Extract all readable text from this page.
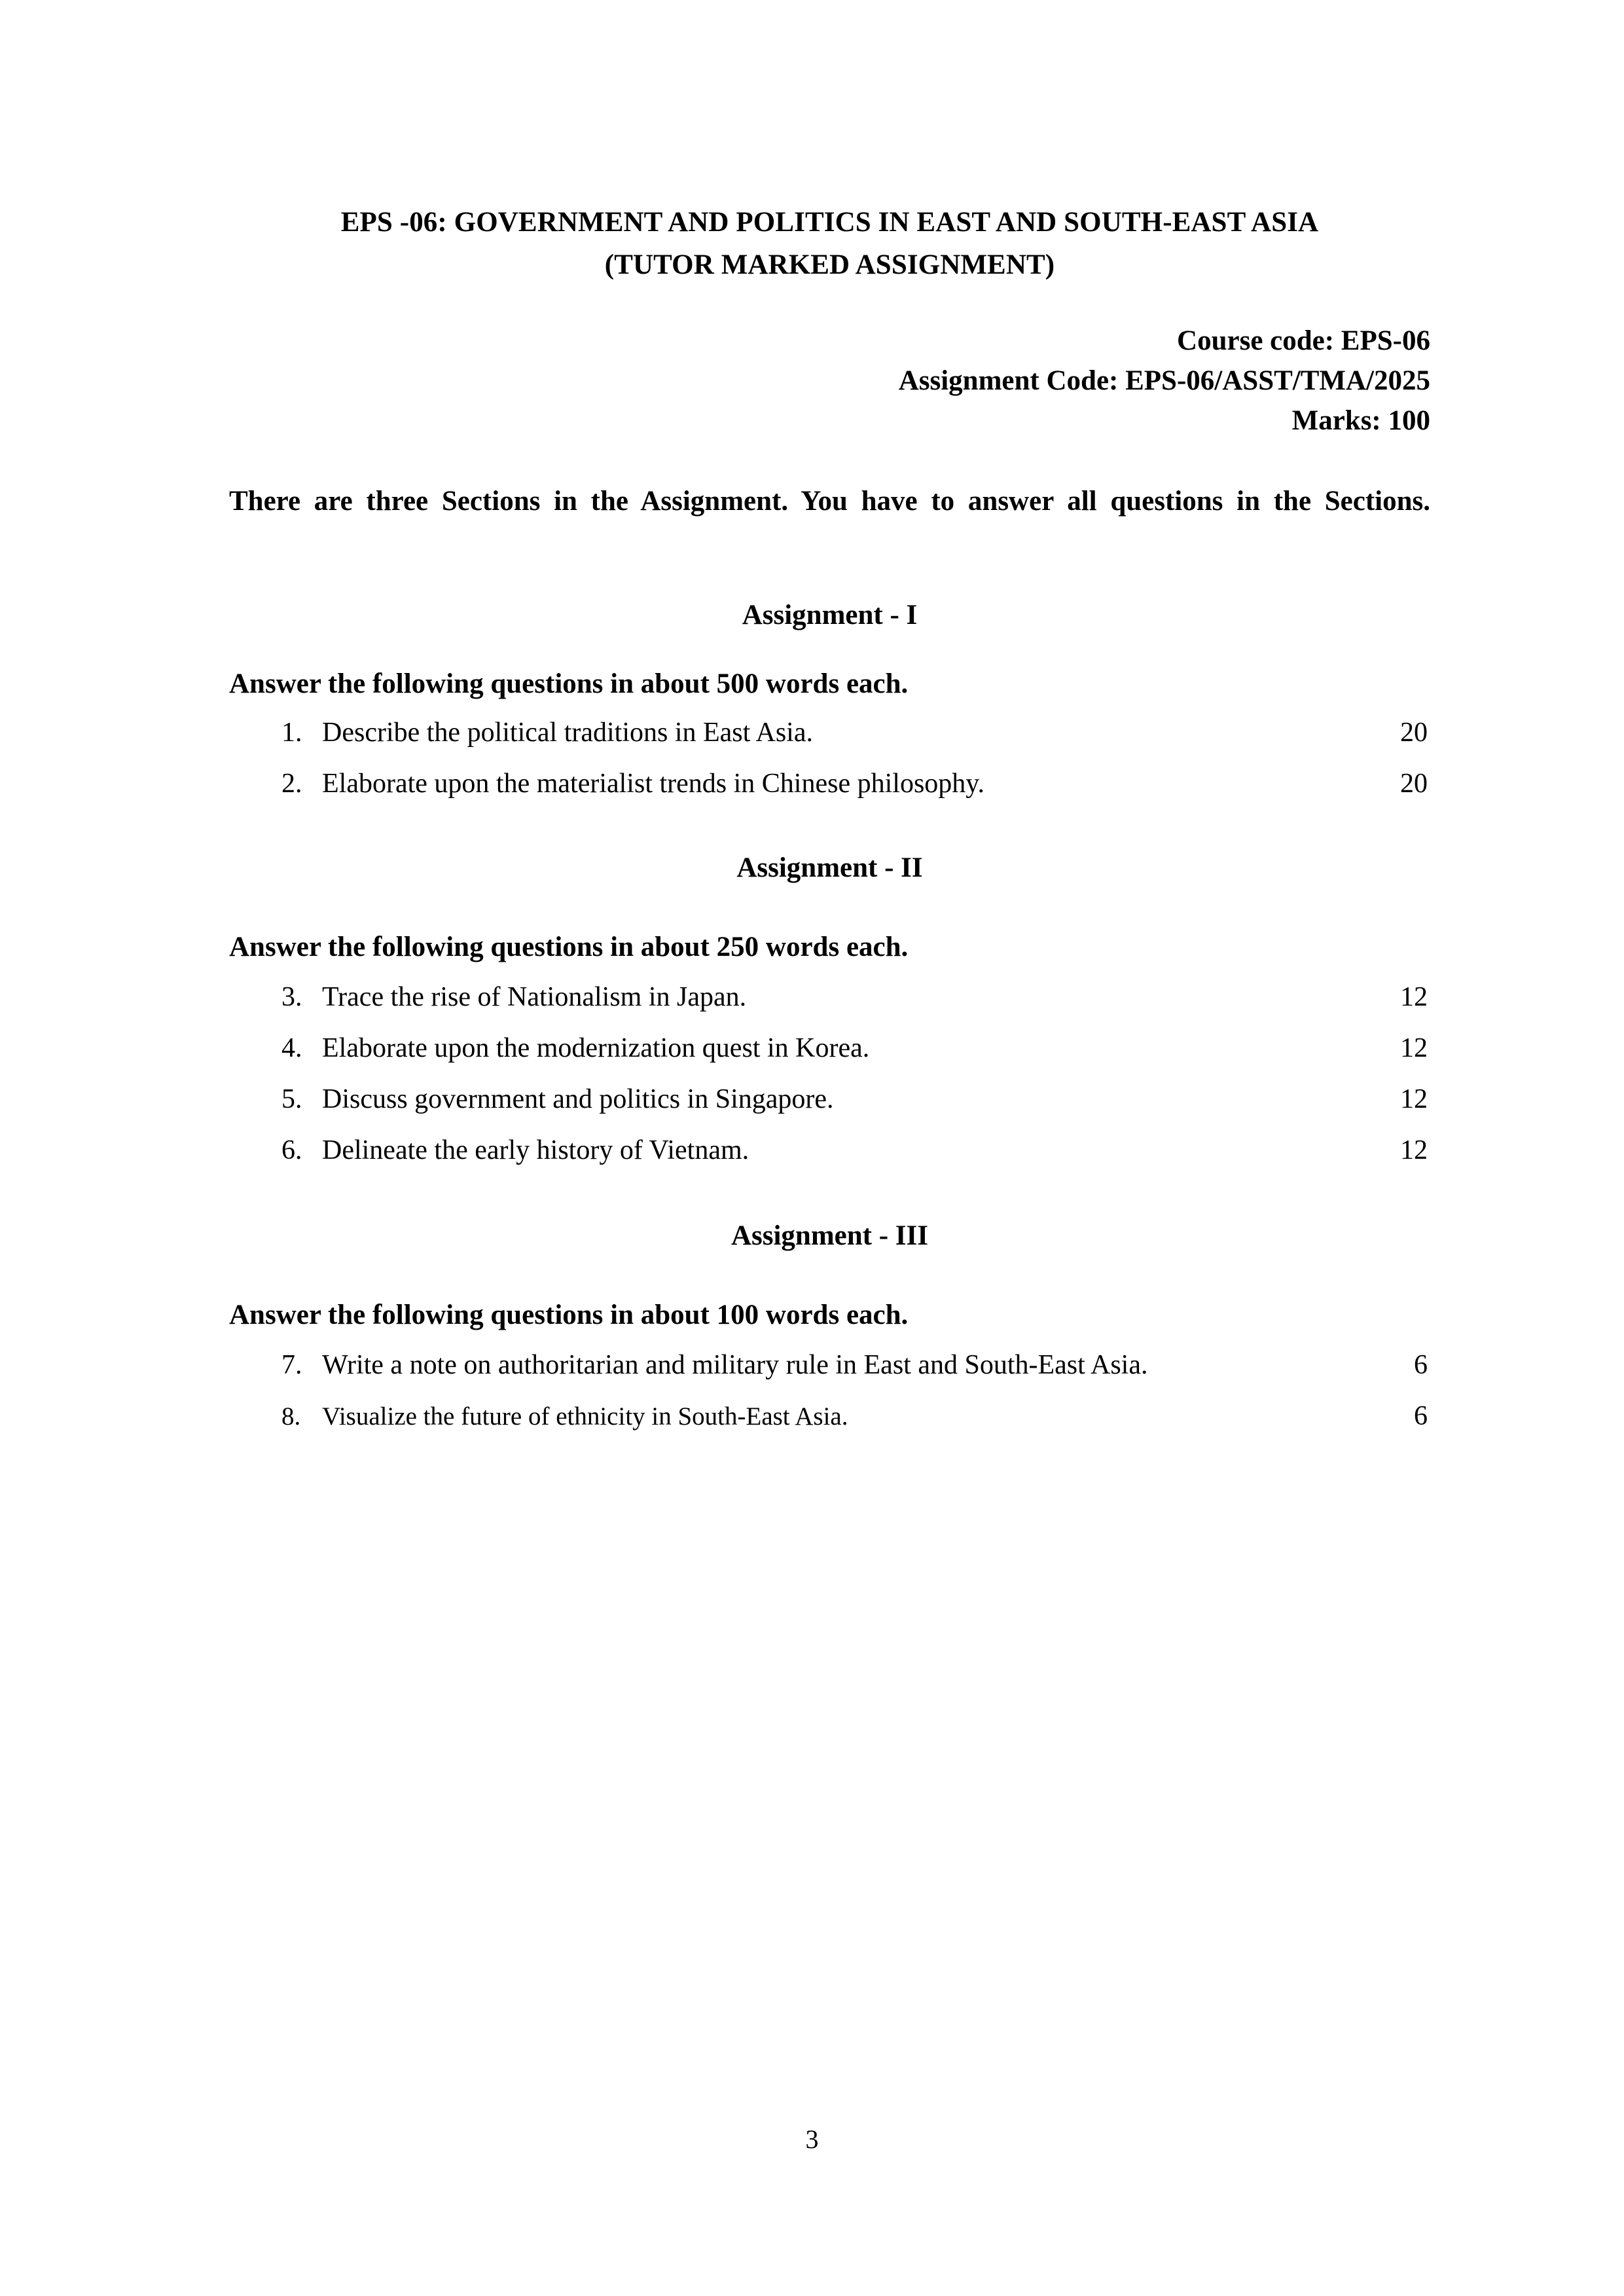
EPS -06: GOVERNMENT AND POLITICS IN EAST AND SOUTH-EAST ASIA
(TUTOR MARKED ASSIGNMENT)
Course code: EPS-06
Assignment Code: EPS-06/ASST/TMA/2025
Marks: 100
There are three Sections in the Assignment. You have to answer all questions in the Sections.
Assignment - I
Answer the following questions in about 500 words each.
1. Describe the political traditions in East Asia.	20
2. Elaborate upon the materialist trends in Chinese philosophy.	20
Assignment - II
Answer the following questions in about 250 words each.
3. Trace the rise of Nationalism in Japan.	12
4. Elaborate upon the modernization quest in Korea.	12
5. Discuss government and politics in Singapore.	12
6. Delineate the early history of Vietnam.	12
Assignment - III
Answer the following questions in about 100 words each.
7. Write a note on authoritarian and military rule in East and South-East Asia.	6
8. Visualize the future of ethnicity in South-East Asia.	6
3
